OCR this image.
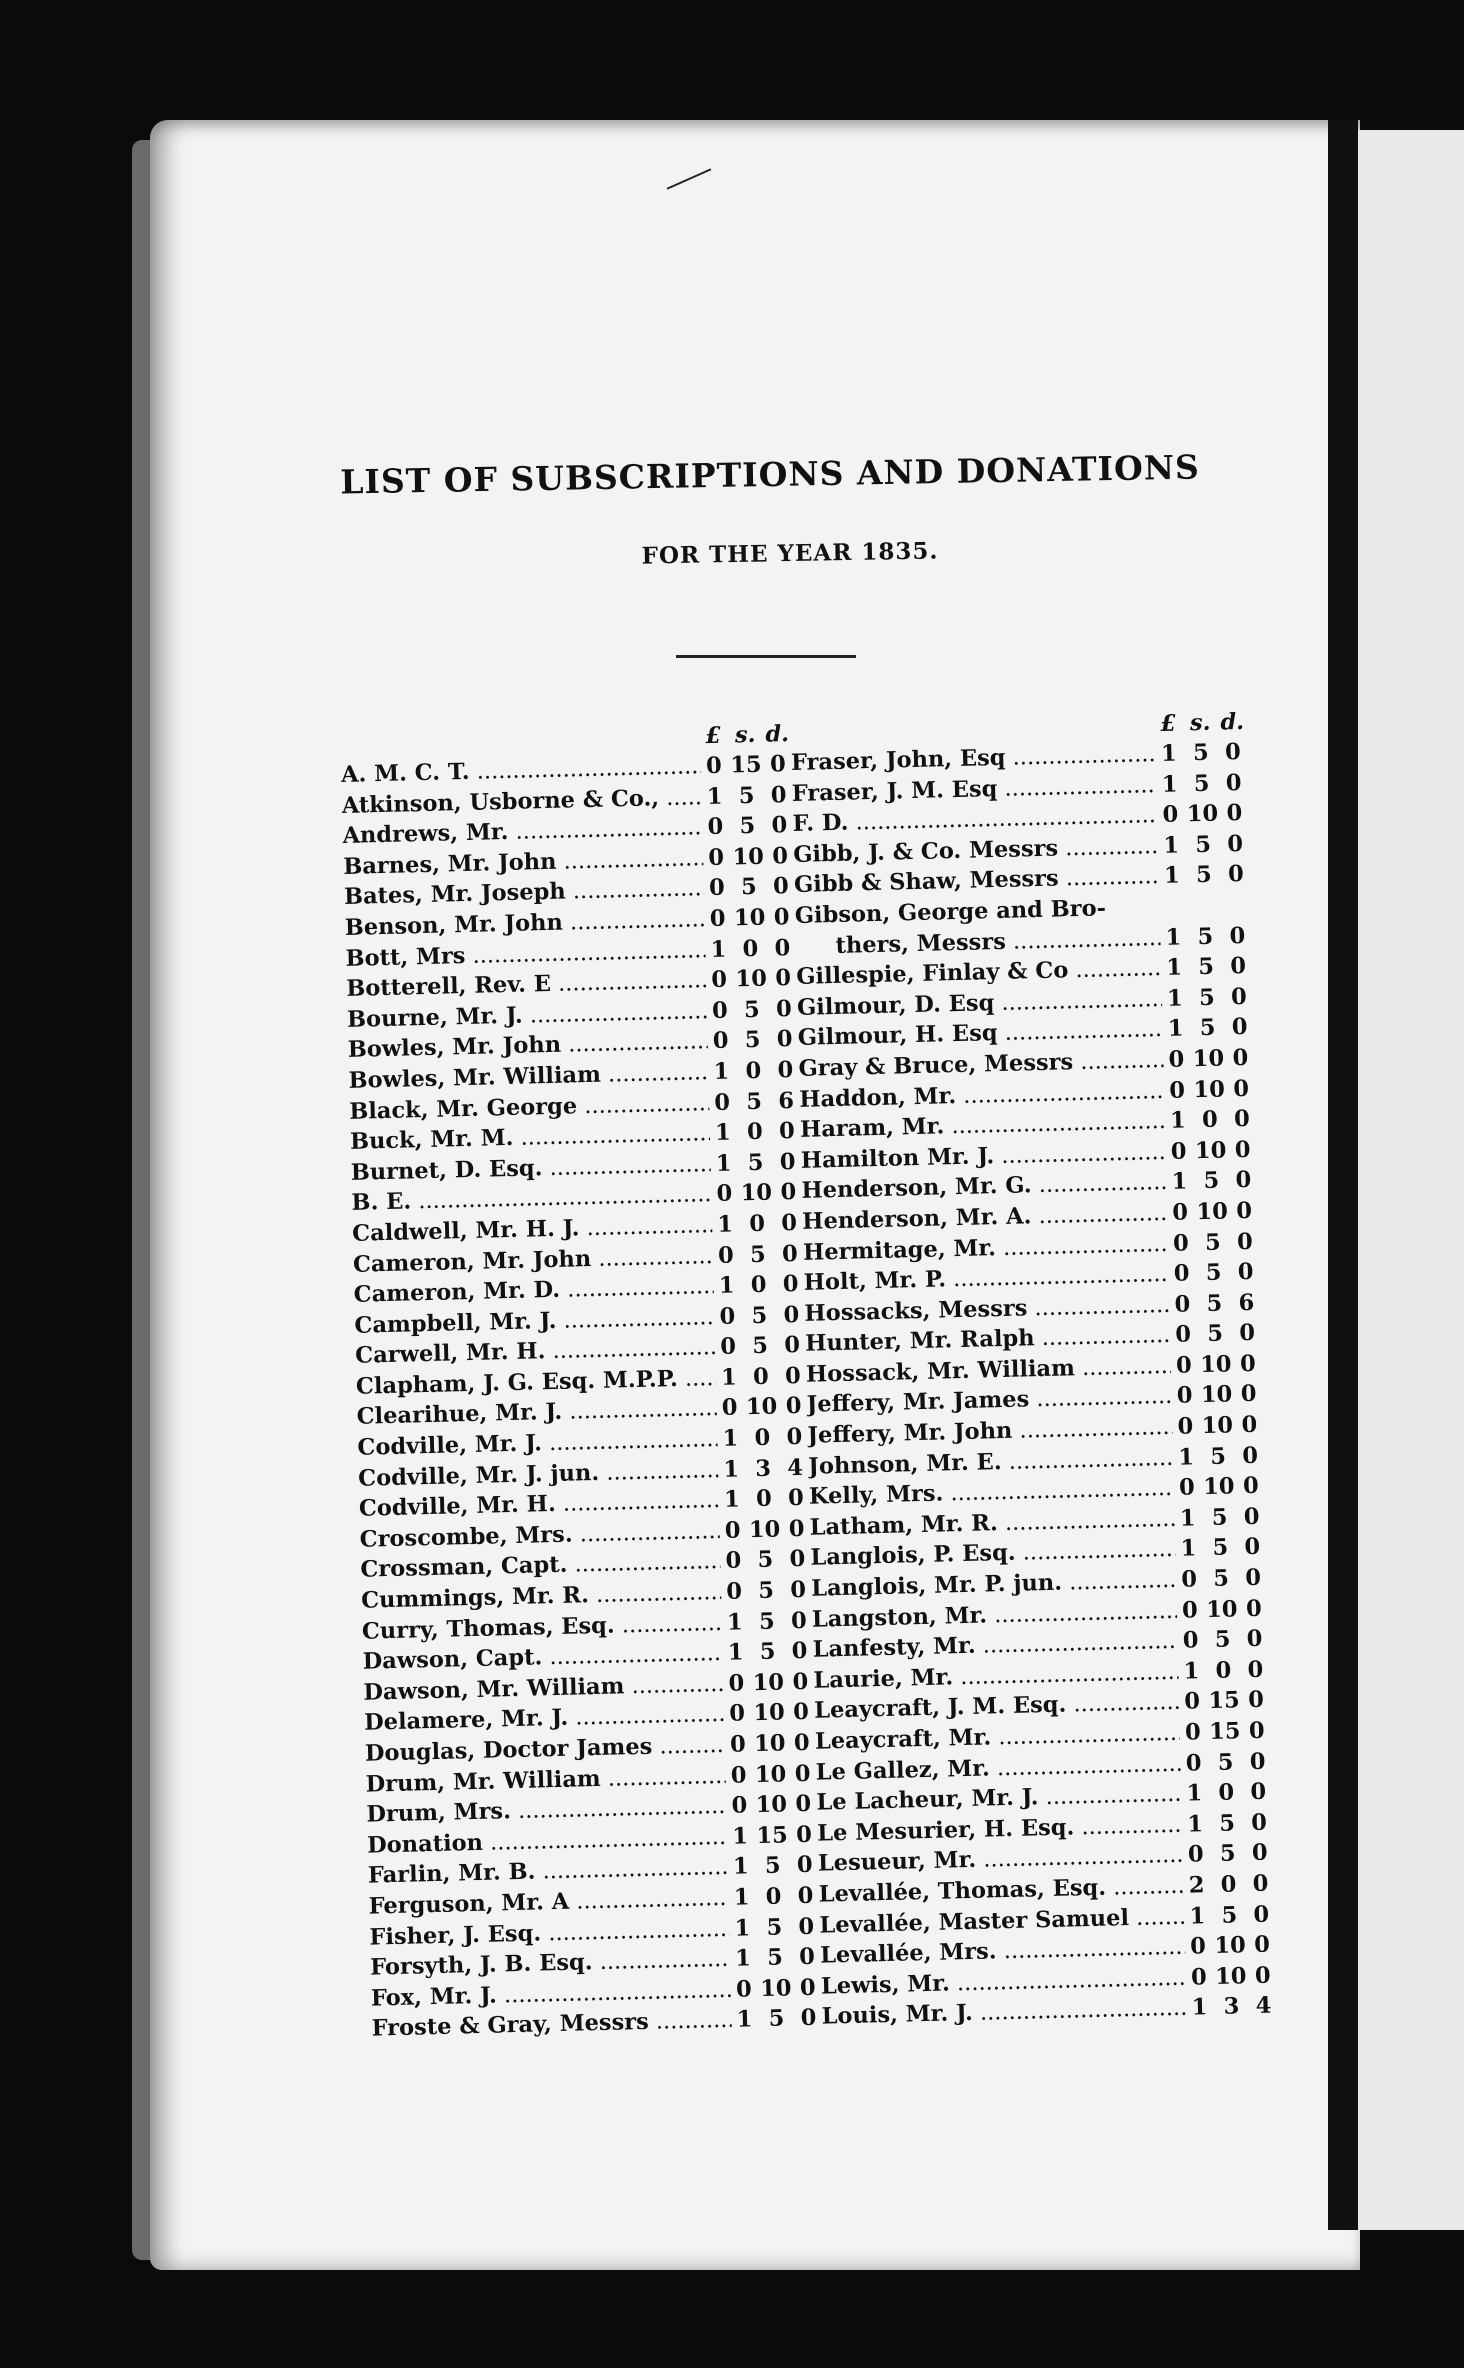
LIST OF SUBSCRIPTIONS AND DONATIONS
FOR THE YEAR 1835.
£ s. d.
A. M. C. T. .....	0 15 0
Atkinson, Usborne & Co., .....	1 5 0
Andrews, Mr. .....	0 5 0
Barnes, Mr. John .....	0 10 0
Bates, Mr. Joseph .....	0 5 0
Benson, Mr. John .....	0 10 0
Bott, Mrs .....	1 0 0
Botterell, Rev. E .....	0 10 0
Bourne, Mr. J. .....	0 5 0
Bowles, Mr. John .....	0 5 0
Bowles, Mr. William .....	1 0 0
Black, Mr. George .....	0 5 6
Buck, Mr. M. .....	1 0 0
Burnet, D. Esq. .....	1 5 0
B. E. .....	0 10 0
Caldwell, Mr. H. J. .....	1 0 0
Cameron, Mr. John .....	0 5 0
Cameron, Mr. D. .....	1 0 0
Campbell, Mr. J. .....	0 5 0
Carwell, Mr. H. .....	0 5 0
Clapham, J. G. Esq. M.P.P. .....	1 0 0
Clearihue, Mr. J. .....	0 10 0
Codville, Mr. J. .....	1 0 0
Codville, Mr. J. jun. .....	1 3 4
Codville, Mr. H. .....	1 0 0
Croscombe, Mrs. .....	0 10 0
Crossman, Capt. .....	0 5 0
Cummings, Mr. R. .....	0 5 0
Curry, Thomas, Esq. .....	1 5 0
Dawson, Capt. .....	1 5 0
Dawson, Mr. William .....	0 10 0
Delamere, Mr. J. .....	0 10 0
Douglas, Doctor James .....	0 10 0
Drum, Mr. William .....	0 10 0
Drum, Mrs. .....	0 10 0
Donation .....	1 15 0
Farlin, Mr. B. .....	1 5 0
Ferguson, Mr. A .....	1 0 0
Fisher, J. Esq. .....	1 5 0
Forsyth, J. B. Esq. .....	1 5 0
Fox, Mr. J. .....	0 10 0
Froste & Gray, Messrs .....	1 5 0
£ s. d.
Fraser, John, Esq .....	1 5 0
Fraser, J. M. Esq .....	1 5 0
F. D. .....	0 10 0
Gibb, J. & Co. Messrs .....	1 5 0
Gibb & Shaw, Messrs .....	1 5 0
Gibson, George and Bro-
thers, Messrs .....	1 5 0
Gillespie, Finlay & Co .....	1 5 0
Gilmour, D. Esq .....	1 5 0
Gilmour, H. Esq .....	1 5 0
Gray & Bruce, Messrs .....	0 10 0
Haddon, Mr. .....	0 10 0
Haram, Mr. .....	1 0 0
Hamilton Mr. J. .....	0 10 0
Henderson, Mr. G. .....	1 5 0
Henderson, Mr. A. .....	0 10 0
Hermitage, Mr. .....	0 5 0
Holt, Mr. P. .....	0 5 0
Hossacks, Messrs .....	0 5 6
Hunter, Mr. Ralph .....	0 5 0
Hossack, Mr. William .....	0 10 0
Jeffery, Mr. James .....	0 10 0
Jeffery, Mr. John .....	0 10 0
Johnson, Mr. E. .....	1 5 0
Kelly, Mrs. .....	0 10 0
Latham, Mr. R. .....	1 5 0
Langlois, P. Esq. .....	1 5 0
Langlois, Mr. P. jun. .....	0 5 0
Langston, Mr. .....	0 10 0
Lanfesty, Mr. .....	0 5 0
Laurie, Mr. .....	1 0 0
Leaycraft, J. M. Esq. .....	0 15 0
Leaycraft, Mr. .....	0 15 0
Le Gallez, Mr. .....	0 5 0
Le Lacheur, Mr. J. .....	1 0 0
Le Mesurier, H. Esq. .....	1 5 0
Lesueur, Mr. .....	0 5 0
Levallée, Thomas, Esq. .....	2 0 0
Levallée, Master Samuel .....	1 5 0
Levallée, Mrs. .....	0 10 0
Lewis, Mr. .....	0 10 0
Louis, Mr. J. .....	1 3 4
